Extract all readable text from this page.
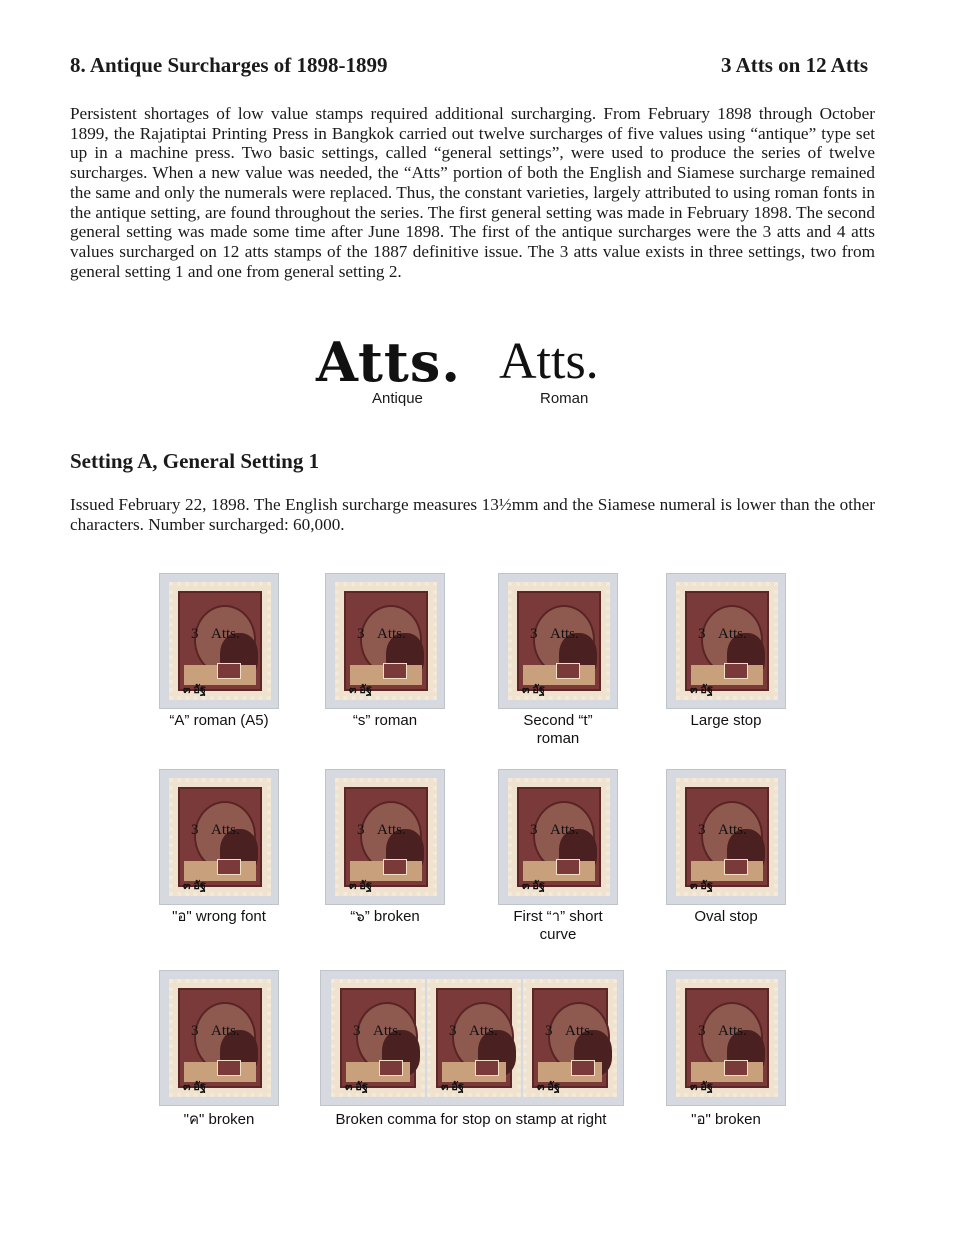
8. Antique Surcharges of 1898-1899	3 Atts on 12 Atts
Persistent shortages of low value stamps required additional surcharging. From February 1898 through October 1899, the Rajatiptai Printing Press in Bangkok carried out twelve surcharges of five values using “antique” type set up in a machine press. Two basic settings, called “general settings”, were used to produce the series of twelve surcharges. When a new value was needed, the “Atts” portion of both the English and Siamese surcharge remained the same and only the numerals were replaced. Thus, the constant varieties, largely attributed to using roman fonts in the antique setting, are found throughout the series. The first general setting was made in February 1898. The second general setting was made some time after June 1898. The first of the antique surcharges were the 3 atts and 4 atts values surcharged on 12 atts stamps of the 1887 definitive issue. The 3 atts value exists in three settings, two from general setting 1 and one from general setting 2.
Atts. Atts.
Antique	Roman
Setting A, General Setting 1
Issued February 22, 1898. The English surcharge measures 13½mm and the Siamese numeral is lower than the other characters. Number surcharged: 60,000.
3 Atts.
๓ อัฐ
“A” roman (A5)
3 Atts.
๓ อัฐ
“s” roman
3 Atts.
๓ อัฐ
Second “t”
roman
3 Atts.
๓ อัฐ
Large stop
3 Atts.
๓ อัฐ
"อ" wrong font
3 Atts.
๓ อัฐ
“๖” broken
3 Atts.
๓ อัฐ
First “า” short
curve
3 Atts.
๓ อัฐ
Oval stop
3 Atts.
๓ อัฐ
"ค" broken
3 Atts.
๓ อัฐ
3 Atts.
๓ อัฐ
3 Atts.
๓ อัฐ
Broken comma for stop on stamp at right
3 Atts.
๓ อัฐ
"อ" broken
